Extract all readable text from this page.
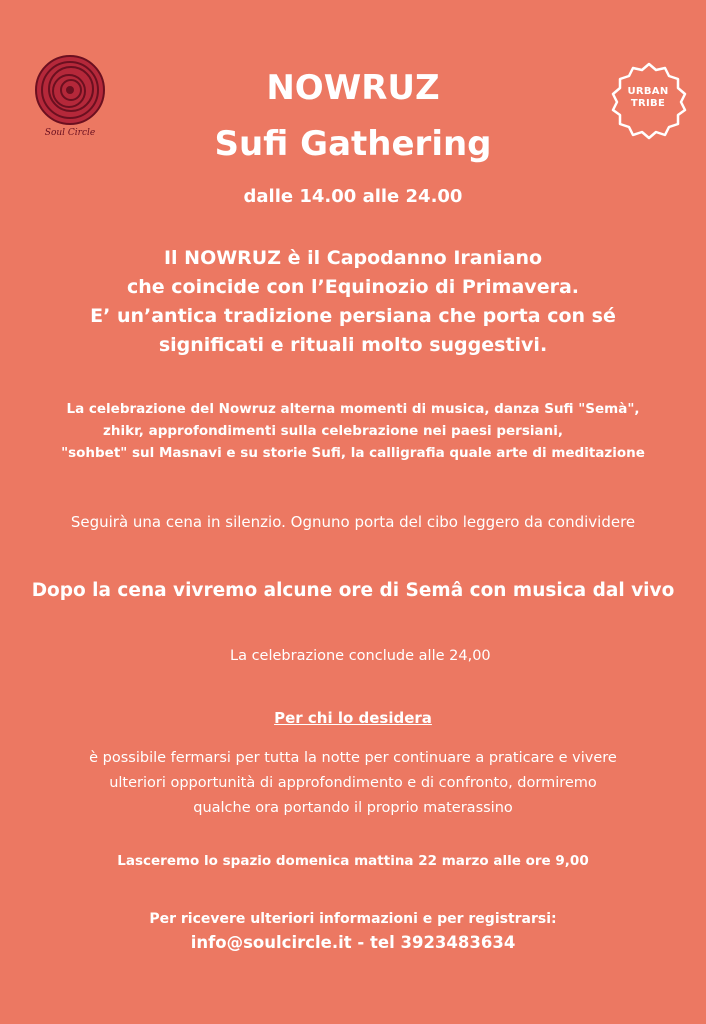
Soul Circle
URBAN
TRIBE
NOWRUZ
Sufi Gathering
dalle 14.00 alle 24.00
Il NOWRUZ è il Capodanno Iraniano
che coincide con l’Equinozio di Primavera.
E’ un’antica tradizione persiana che porta con sé
significati e rituali molto suggestivi.
La celebrazione del Nowruz alterna momenti di musica, danza Sufi "Semà",
zhikr, approfondimenti sulla celebrazione nei paesi persiani,
"sohbet" sul Masnavi e su storie Sufi, la calligrafia quale arte di meditazione
Seguirà una cena in silenzio. Ognuno porta del cibo leggero da condividere
Dopo la cena vivremo alcune ore di Semâ con musica dal vivo
La celebrazione conclude alle 24,00
Per chi lo desidera
è possibile fermarsi per tutta la notte per continuare a praticare e vivere
ulteriori opportunità di approfondimento e di confronto, dormiremo
qualche ora portando il proprio materassino
Lasceremo lo spazio domenica mattina 22 marzo alle ore 9,00
Per ricevere ulteriori informazioni e per registrarsi:
info@soulcircle.it - tel 3923483634
